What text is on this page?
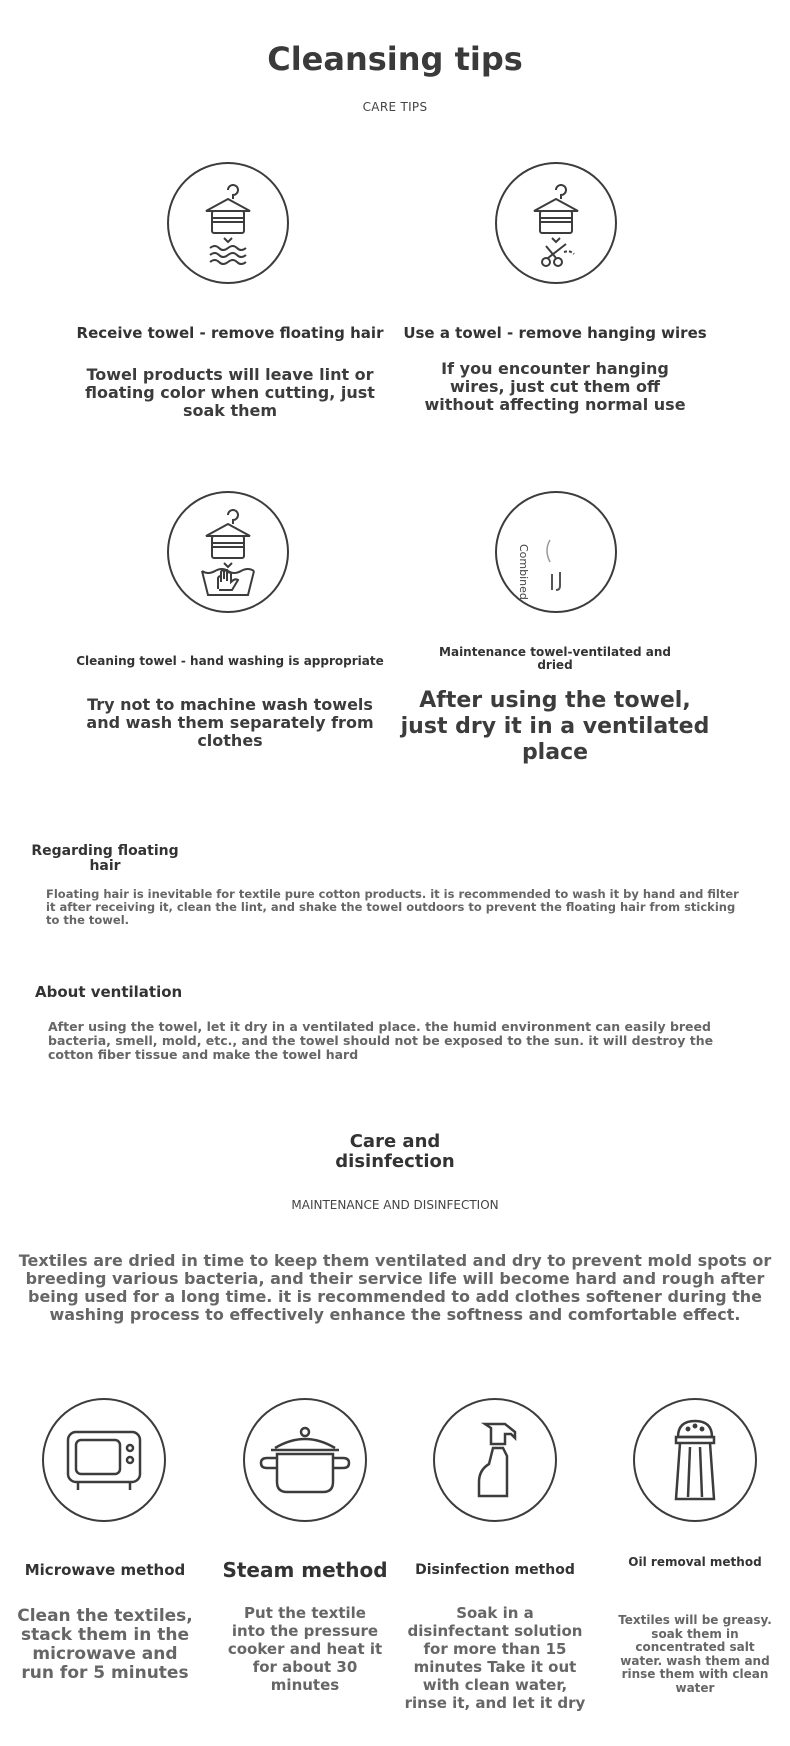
Cleansing tips
CARE TIPS
Receive towel - remove floating hair
Towel products will leave lint or floating color when cutting, just soak them
Use a towel - remove hanging wires
If you encounter hanging wires, just cut them off without affecting normal use
Cleaning towel - hand washing is appropriate
Try not to machine wash towels and wash them separately from clothes
Combined
Maintenance towel-ventilated and dried
After using the towel, just dry it in a ventilated place
Regarding floating hair
Floating hair is inevitable for textile pure cotton products. it is recommended to wash it by hand and filter it after receiving it, clean the lint, and shake the towel outdoors to prevent the floating hair from sticking to the towel.
About ventilation
After using the towel, let it dry in a ventilated place. the humid environment can easily breed bacteria, smell, mold, etc., and the towel should not be exposed to the sun. it will destroy the cotton fiber tissue and make the towel hard
Care and disinfection
MAINTENANCE AND DISINFECTION
Textiles are dried in time to keep them ventilated and dry to prevent mold spots or breeding various bacteria, and their service life will become hard and rough after being used for a long time. it is recommended to add clothes softener during the washing process to effectively enhance the softness and comfortable effect.
Microwave method
Clean the textiles, stack them in the microwave and run for 5 minutes
Steam method
Put the textile into the pressure cooker and heat it for about 30 minutes
Disinfection method
Soak in a disinfectant solution for more than 15 minutes Take it out with clean water, rinse it, and let it dry
Oil removal method
Textiles will be greasy. soak them in concentrated salt water. wash them and rinse them with clean water
